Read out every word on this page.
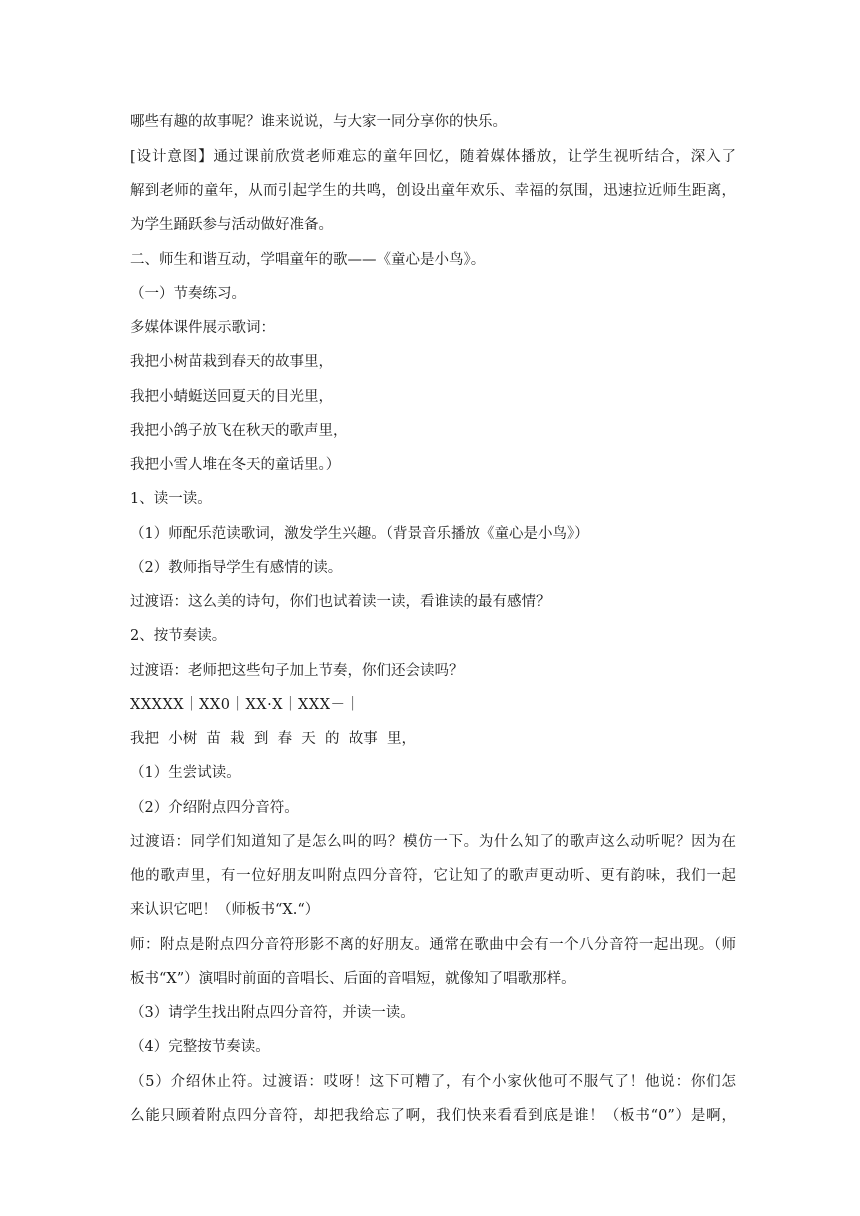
哪些有趣的故事呢？谁来说说，与大家一同分享你的快乐。
[设计意图】通过课前欣赏老师难忘的童年回忆，随着媒体播放，让学生视听结合，深入了
解到老师的童年，从而引起学生的共鸣，创设出童年欢乐、幸福的氛围，迅速拉近师生距离，
为学生踊跃参与活动做好准备。
二、师生和谐互动，学唱童年的歌——《童心是小鸟》。
（一）节奏练习。
多媒体课件展示歌词：
我把小树苗栽到春天的故事里，
我把小蜻蜓送回夏天的目光里，
我把小鸽子放飞在秋天的歌声里，
我把小雪人堆在冬天的童话里。）
1、读一读。
（1）师配乐范读歌词，激发学生兴趣。（背景音乐播放《童心是小鸟》）
（2）教师指导学生有感情的读。
过渡语：这么美的诗句，你们也试着读一读，看谁读的最有感情？
2、按节奏读。
过渡语：老师把这些句子加上节奏，你们还会读吗？
XXXXX｜XX0｜XX·X｜XXX－｜
我把  小树  苗  栽  到  春  天  的  故事  里，
（1）生尝试读。
（2）介绍附点四分音符。
过渡语：同学们知道知了是怎么叫的吗？模仿一下。为什么知了的歌声这么动听呢？因为在
他的歌声里，有一位好朋友叫附点四分音符，它让知了的歌声更动听、更有韵味，我们一起
来认识它吧！（师板书“X.“）
师：附点是附点四分音符形影不离的好朋友。通常在歌曲中会有一个八分音符一起出现。（师
板书“X”）演唱时前面的音唱长、后面的音唱短，就像知了唱歌那样。
（3）请学生找出附点四分音符，并读一读。
（4）完整按节奏读。
（5）介绍休止符。过渡语：哎呀！这下可糟了，有个小家伙他可不服气了！他说：你们怎
么能只顾着附点四分音符，却把我给忘了啊，我们快来看看到底是谁！（板书“0”）是啊，
